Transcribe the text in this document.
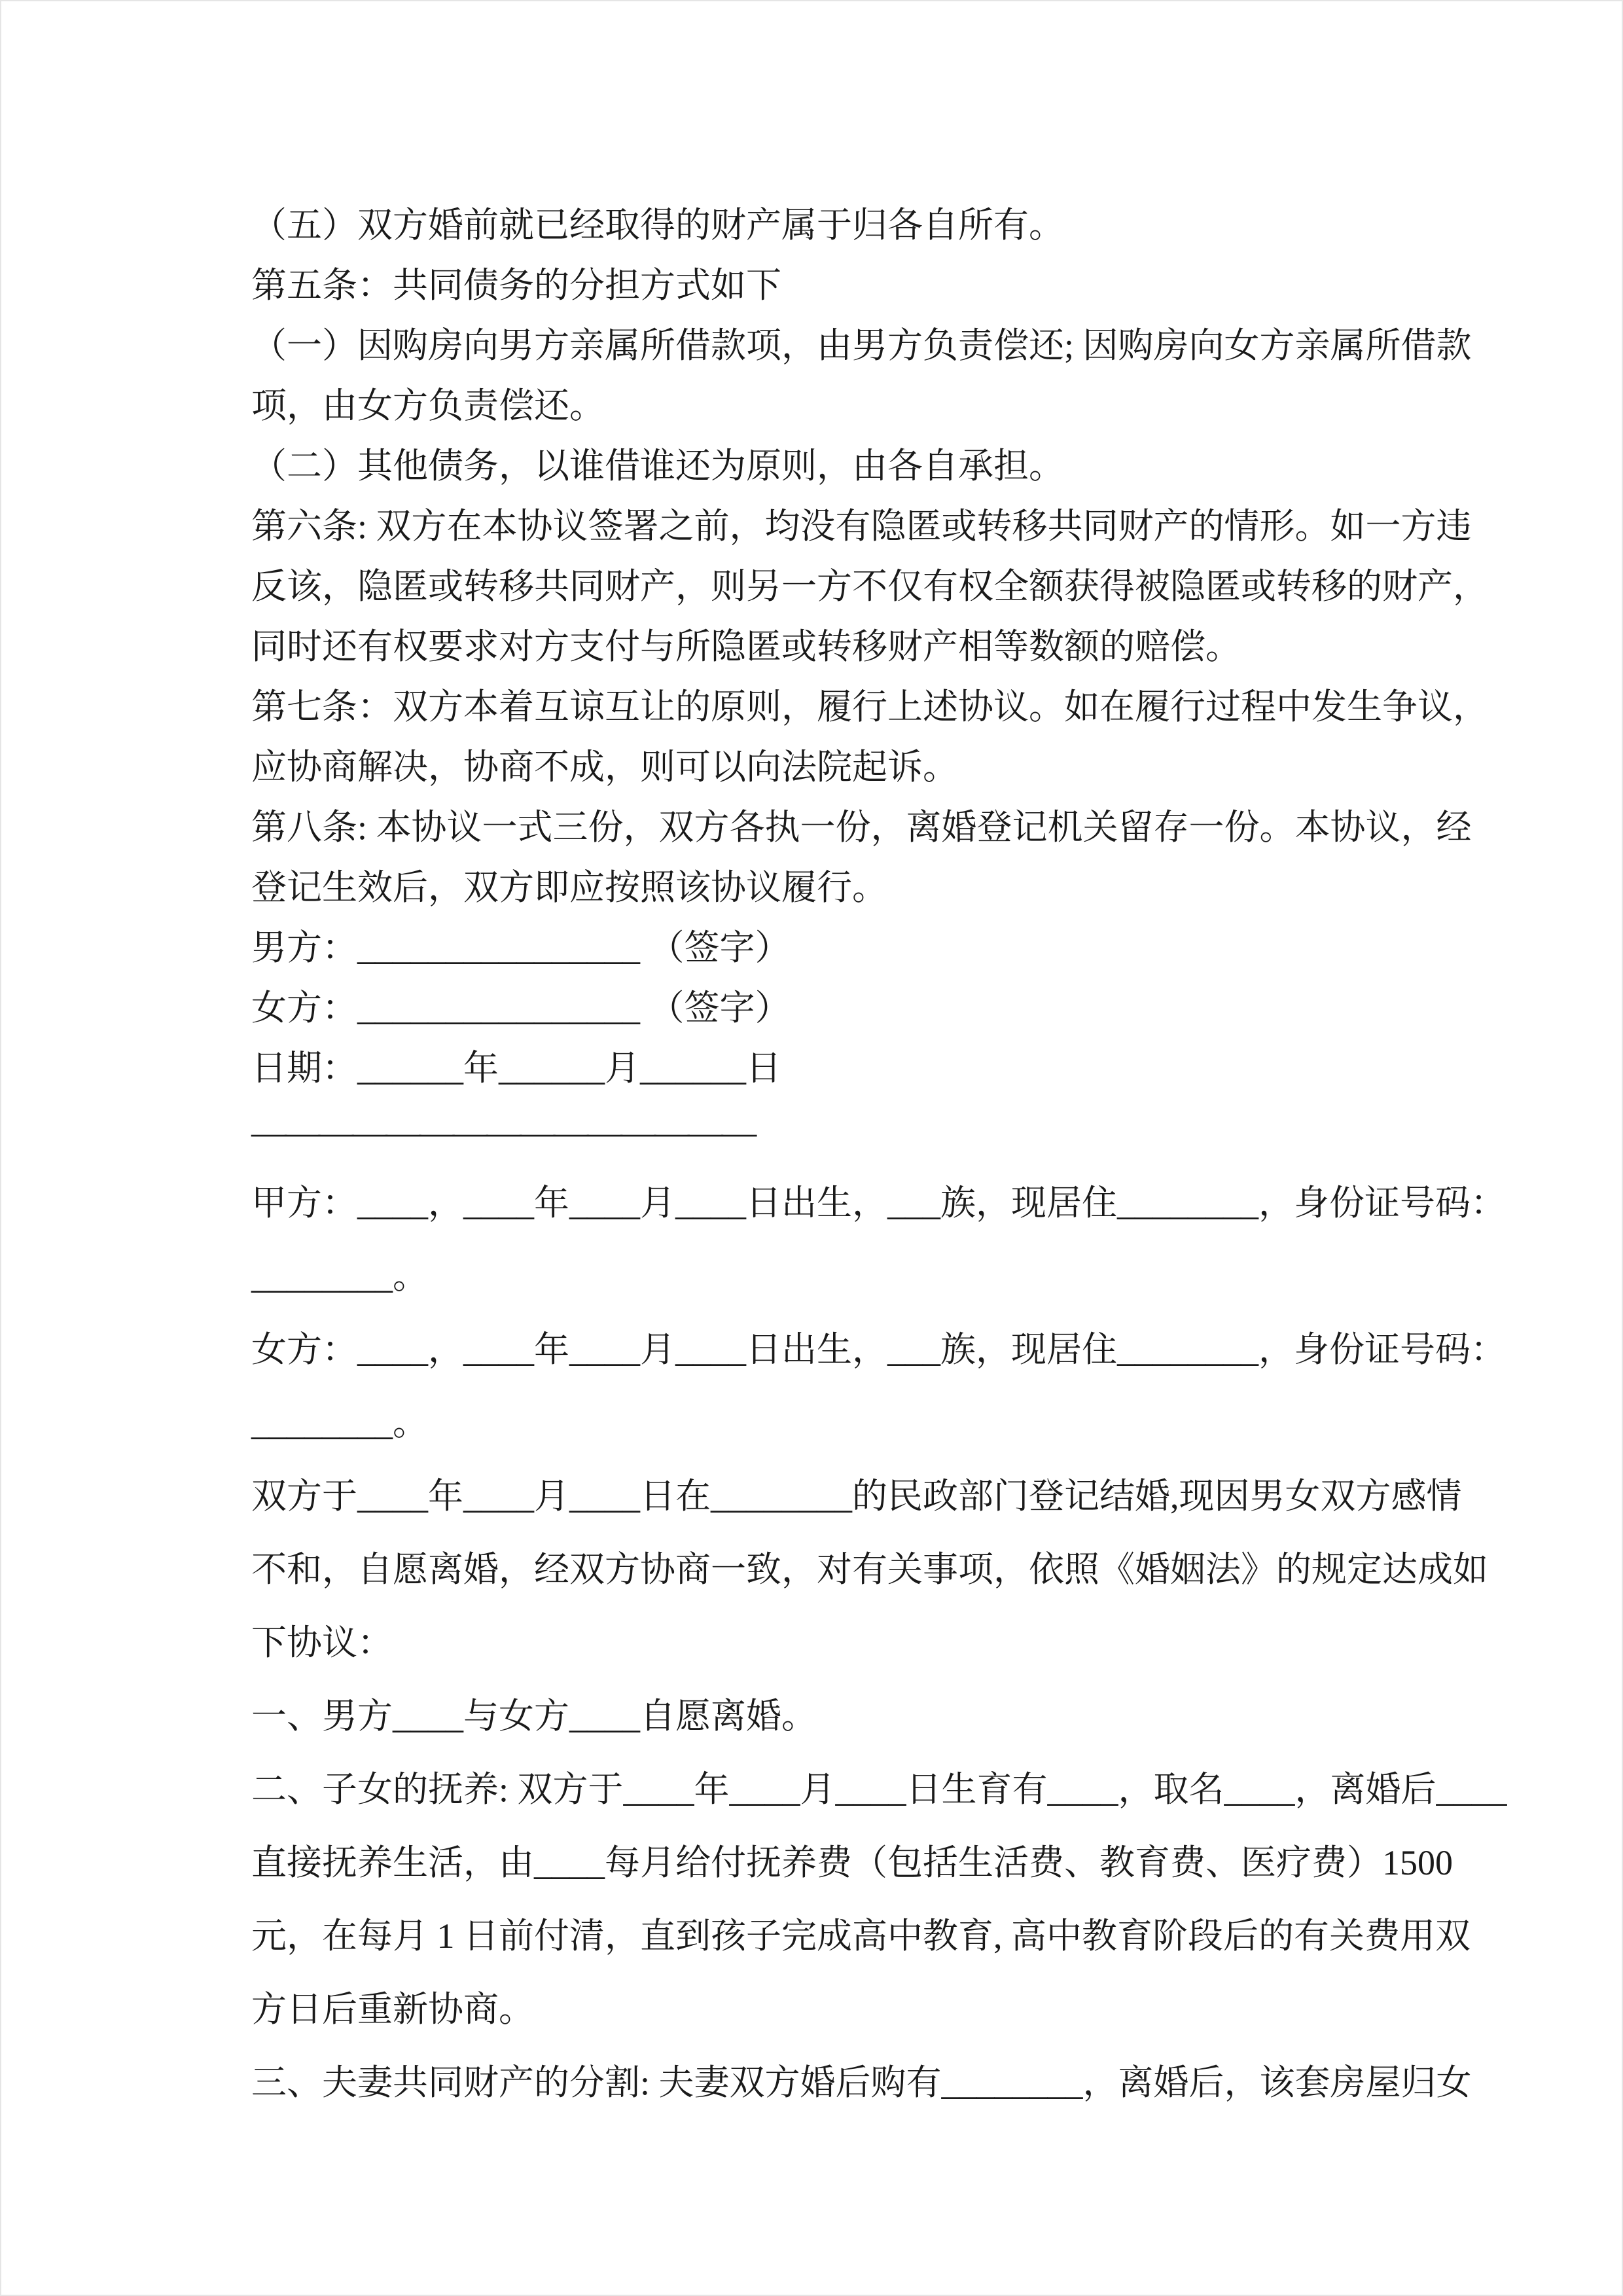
（五）双方婚前就已经取得的财产属于归各自所有。
第五条：共同债务的分担方式如下
（一）因购房向男方亲属所借款项，由男方负责偿还; 因购房向女方亲属所借款
项，由女方负责偿还。
（二）其他债务，以谁借谁还为原则，由各自承担。
第六条: 双方在本协议签署之前，均没有隐匿或转移共同财产的情形。如一方违
反该，隐匿或转移共同财产，则另一方不仅有权全额获得被隐匿或转移的财产，
同时还有权要求对方支付与所隐匿或转移财产相等数额的赔偿。
第七条：双方本着互谅互让的原则，履行上述协议。如在履行过程中发生争议，
应协商解决，协商不成，则可以向法院起诉。
第八条: 本协议一式三份，双方各执一份，离婚登记机关留存一份。本协议，经
登记生效后，双方即应按照该协议履行。
男方：________________ （签字）
女方：________________ （签字）
日期：______年______月______日
———————————————
甲方：____，____年____月____日出生，___族，现居住________，身份证号码：
________。
女方：____，____年____月____日出生，___族，现居住________，身份证号码：
________。
双方于____年____月____日在________的民政部门登记结婚,现因男女双方感情
不和，自愿离婚，经双方协商一致，对有关事项，依照《婚姻法》的规定达成如
下协议：
一、男方____与女方____自愿离婚。
二、子女的抚养: 双方于____年____月____日生育有____，取名____，离婚后____
直接抚养生活，由____每月给付抚养费（包括生活费、教育费、医疗费）1500
元，在每月 1 日前付清，直到孩子完成高中教育, 高中教育阶段后的有关费用双
方日后重新协商。
三、夫妻共同财产的分割: 夫妻双方婚后购有________，离婚后，该套房屋归女
